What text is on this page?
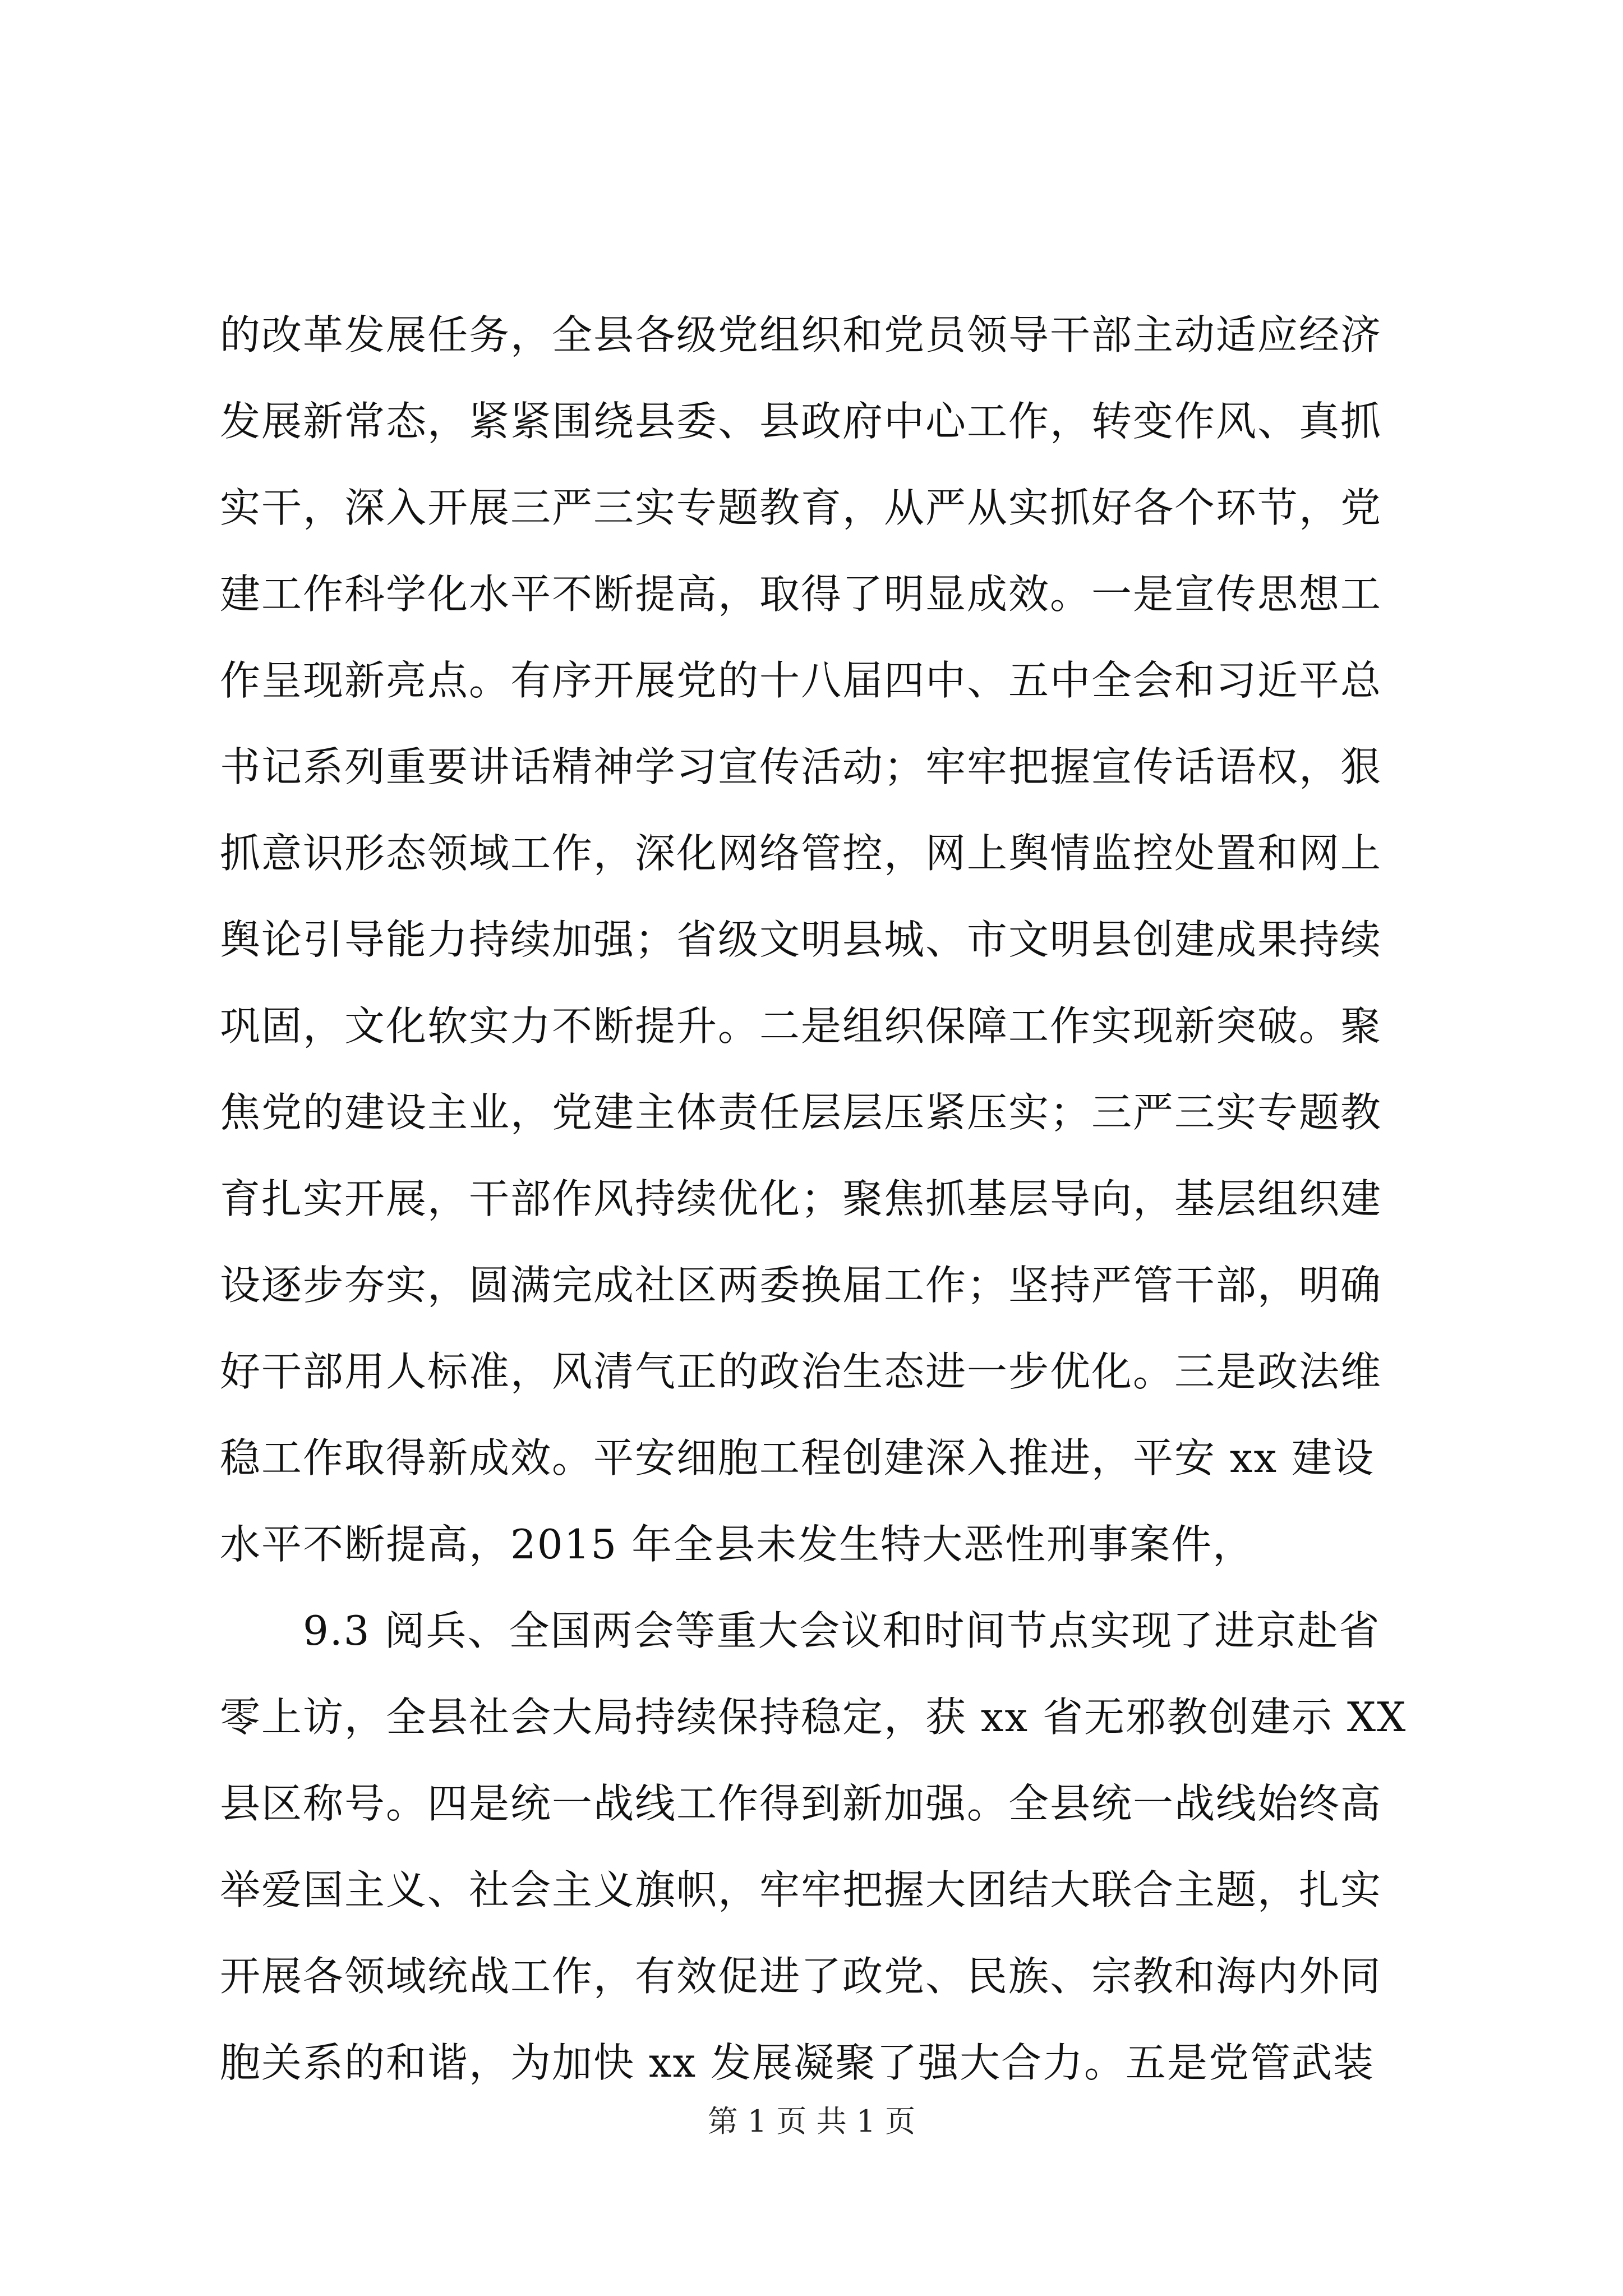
的改革发展任务，全县各级党组织和党员领导干部主动适应经济
发展新常态，紧紧围绕县委、县政府中心工作，转变作风、真抓
实干，深入开展三严三实专题教育，从严从实抓好各个环节，党
建工作科学化水平不断提高，取得了明显成效。一是宣传思想工
作呈现新亮点。有序开展党的十八届四中、五中全会和习近平总
书记系列重要讲话精神学习宣传活动；牢牢把握宣传话语权，狠
抓意识形态领域工作，深化网络管控，网上舆情监控处置和网上
舆论引导能力持续加强；省级文明县城、市文明县创建成果持续
巩固，文化软实力不断提升。二是组织保障工作实现新突破。聚
焦党的建设主业，党建主体责任层层压紧压实；三严三实专题教
育扎实开展，干部作风持续优化；聚焦抓基层导向，基层组织建
设逐步夯实，圆满完成社区两委换届工作；坚持严管干部，明确
好干部用人标准，风清气正的政治生态进一步优化。三是政法维
稳工作取得新成效。平安细胞工程创建深入推进，平安 xx 建设
水平不断提高，2015 年全县未发生特大恶性刑事案件，
　　9.3 阅兵、全国两会等重大会议和时间节点实现了进京赴省
零上访，全县社会大局持续保持稳定，获 xx 省无邪教创建示 XX
县区称号。四是统一战线工作得到新加强。全县统一战线始终高
举爱国主义、社会主义旗帜，牢牢把握大团结大联合主题，扎实
开展各领域统战工作，有效促进了政党、民族、宗教和海内外同
胞关系的和谐，为加快 xx 发展凝聚了强大合力。五是党管武装
第 1 页 共 1 页
